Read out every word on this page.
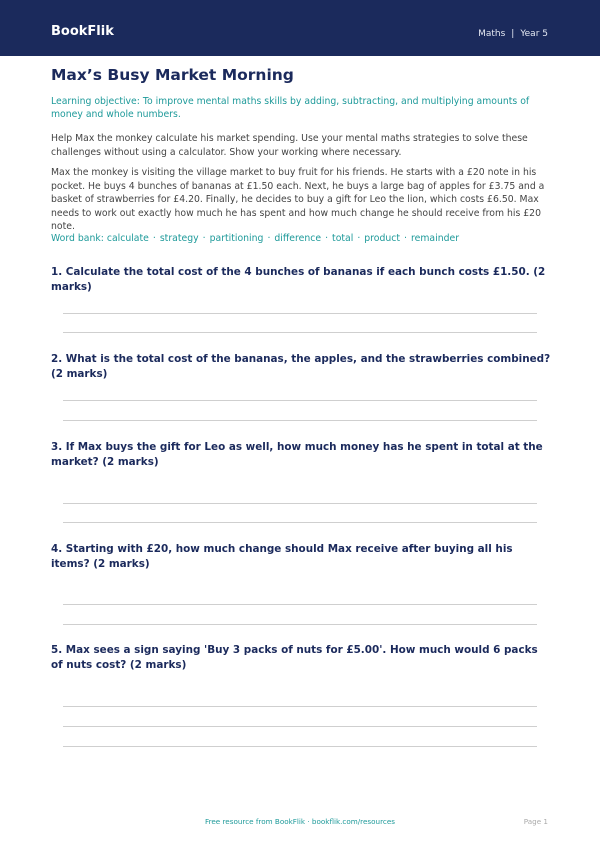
BookFlik	Maths | Year 5
Max’s Busy Market Morning

Learning objective: To improve mental maths skills by adding, subtracting, and multiplying amounts of money and whole numbers.

Help Max the monkey calculate his market spending. Use your mental maths strategies to solve these challenges without using a calculator. Show your working where necessary.

Max the monkey is visiting the village market to buy fruit for his friends. He starts with a £20 note in his pocket. He buys 4 bunches of bananas at £1.50 each. Next, he buys a large bag of apples for £3.75 and a basket of strawberries for £4.20. Finally, he decides to buy a gift for Leo the lion, which costs £6.50. Max needs to work out exactly how much he has spent and how much change he should receive from his £20 note.

Word bank: calculate · strategy · partitioning · difference · total · product · remainder

1. Calculate the total cost of the 4 bunches of bananas if each bunch costs £1.50. (2 marks)

2. What is the total cost of the bananas, the apples, and the strawberries combined? (2 marks)

3. If Max buys the gift for Leo as well, how much money has he spent in total at the market? (2 marks)

4. Starting with £20, how much change should Max receive after buying all his items? (2 marks)

5. Max sees a sign saying 'Buy 3 packs of nuts for £5.00'. How much would 6 packs of nuts cost? (2 marks)

Free resource from BookFlik · bookflik.com/resources	Page 1
